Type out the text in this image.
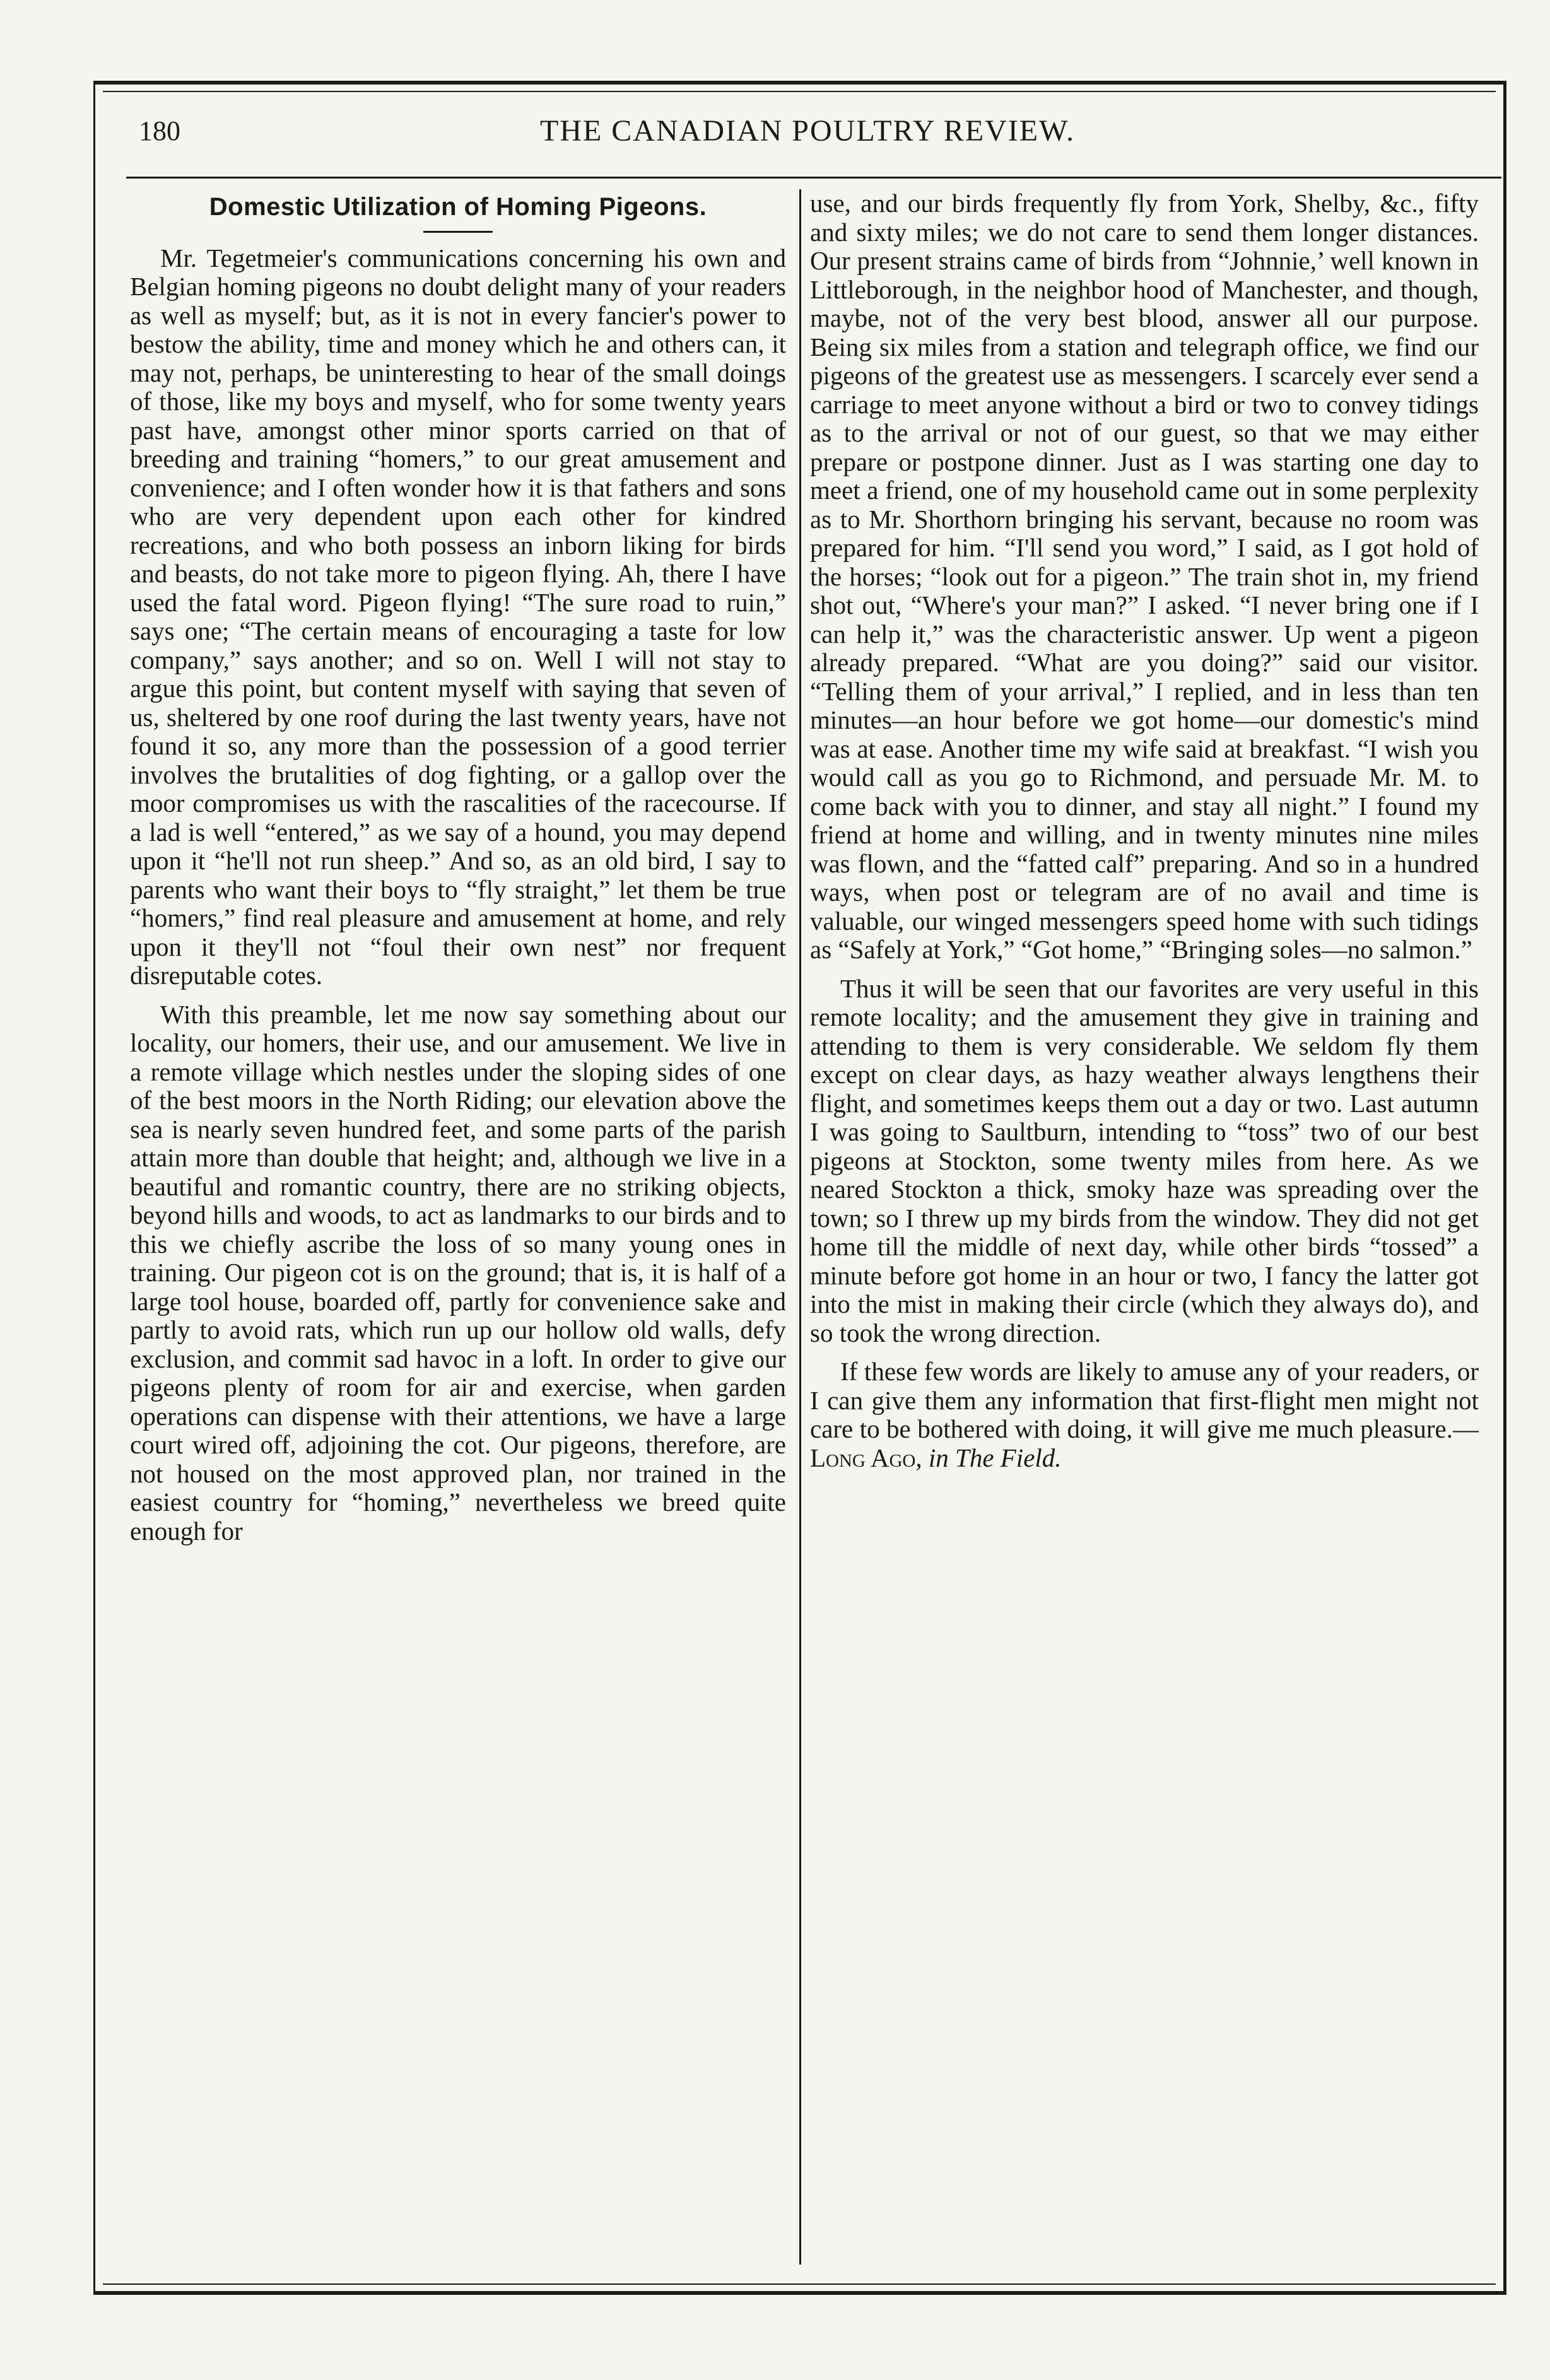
180	THE CANADIAN POULTRY REVIEW.
Domestic Utilization of Homing Pigeons.

Mr. Tegetmeier's communications concerning his own and Belgian homing pigeons no doubt delight many of your readers as well as myself; but, as it is not in every fancier's power to bestow the ability, time and money which he and others can, it may not, perhaps, be uninteresting to hear of the small doings of those, like my boys and myself, who for some twenty years past have, amongst other minor sports carried on that of breeding and training “homers,” to our great amusement and convenience; and I often wonder how it is that fathers and sons who are very dependent upon each other for kindred recreations, and who both possess an inborn liking for birds and beasts, do not take more to pigeon flying. Ah, there I have used the fatal word. Pigeon flying! “The sure road to ruin,” says one; “The certain means of encouraging a taste for low company,” says another; and so on. Well I will not stay to argue this point, but content myself with saying that seven of us, sheltered by one roof during the last twenty years, have not found it so, any more than the possession of a good terrier involves the brutalities of dog fighting, or a gallop over the moor compromises us with the rascalities of the racecourse. If a lad is well “entered,” as we say of a hound, you may depend upon it “he'll not run sheep.” And so, as an old bird, I say to parents who want their boys to “fly straight,” let them be true “homers,” find real pleasure and amusement at home, and rely upon it they'll not “foul their own nest” nor frequent disreputable cotes.

With this preamble, let me now say something about our locality, our homers, their use, and our amusement. We live in a remote village which nestles under the sloping sides of one of the best moors in the North Riding; our elevation above the sea is nearly seven hundred feet, and some parts of the parish attain more than double that height; and, although we live in a beautiful and romantic country, there are no striking objects, beyond hills and woods, to act as landmarks to our birds and to this we chiefly ascribe the loss of so many young ones in training. Our pigeon cot is on the ground; that is, it is half of a large tool house, boarded off, partly for convenience sake and partly to avoid rats, which run up our hollow old walls, defy exclusion, and commit sad havoc in a loft. In order to give our pigeons plenty of room for air and exercise, when garden operations can dispense with their attentions, we have a large court wired off, adjoining the cot. Our pigeons, therefore, are not housed on the most approved plan, nor trained in the easiest country for “homing,” nevertheless we breed quite enough for

use, and our birds frequently fly from York, Shelby, &c., fifty and sixty miles; we do not care to send them longer distances. Our present strains came of birds from “Johnnie,’ well known in Littleborough, in the neighbor hood of Manchester, and though, maybe, not of the very best blood, answer all our purpose. Being six miles from a station and telegraph office, we find our pigeons of the greatest use as messengers. I scarcely ever send a carriage to meet anyone without a bird or two to convey tidings as to the arrival or not of our guest, so that we may either prepare or postpone dinner. Just as I was starting one day to meet a friend, one of my household came out in some perplexity as to Mr. Shorthorn bringing his servant, because no room was prepared for him. “I'll send you word,” I said, as I got hold of the horses; “look out for a pigeon.” The train shot in, my friend shot out, “Where's your man?” I asked. “I never bring one if I can help it,” was the characteristic answer. Up went a pigeon already prepared. “What are you doing?” said our visitor. “Telling them of your arrival,” I replied, and in less than ten minutes—an hour before we got home—our domestic's mind was at ease. Another time my wife said at breakfast. “I wish you would call as you go to Richmond, and persuade Mr. M. to come back with you to dinner, and stay all night.” I found my friend at home and willing, and in twenty minutes nine miles was flown, and the “fatted calf” preparing. And so in a hundred ways, when post or telegram are of no avail and time is valuable, our winged messengers speed home with such tidings as “Safely at York,” “Got home,” “Bringing soles—no salmon.”

Thus it will be seen that our favorites are very useful in this remote locality; and the amusement they give in training and attending to them is very considerable. We seldom fly them except on clear days, as hazy weather always lengthens their flight, and sometimes keeps them out a day or two. Last autumn I was going to Saultburn, intending to “toss” two of our best pigeons at Stockton, some twenty miles from here. As we neared Stockton a thick, smoky haze was spreading over the town; so I threw up my birds from the window. They did not get home till the middle of next day, while other birds “tossed” a minute before got home in an hour or two, I fancy the latter got into the mist in making their circle (which they always do), and so took the wrong direction.

If these few words are likely to amuse any of your readers, or I can give them any information that first-flight men might not care to be bothered with doing, it will give me much pleasure.—Long Ago, in The Field.
